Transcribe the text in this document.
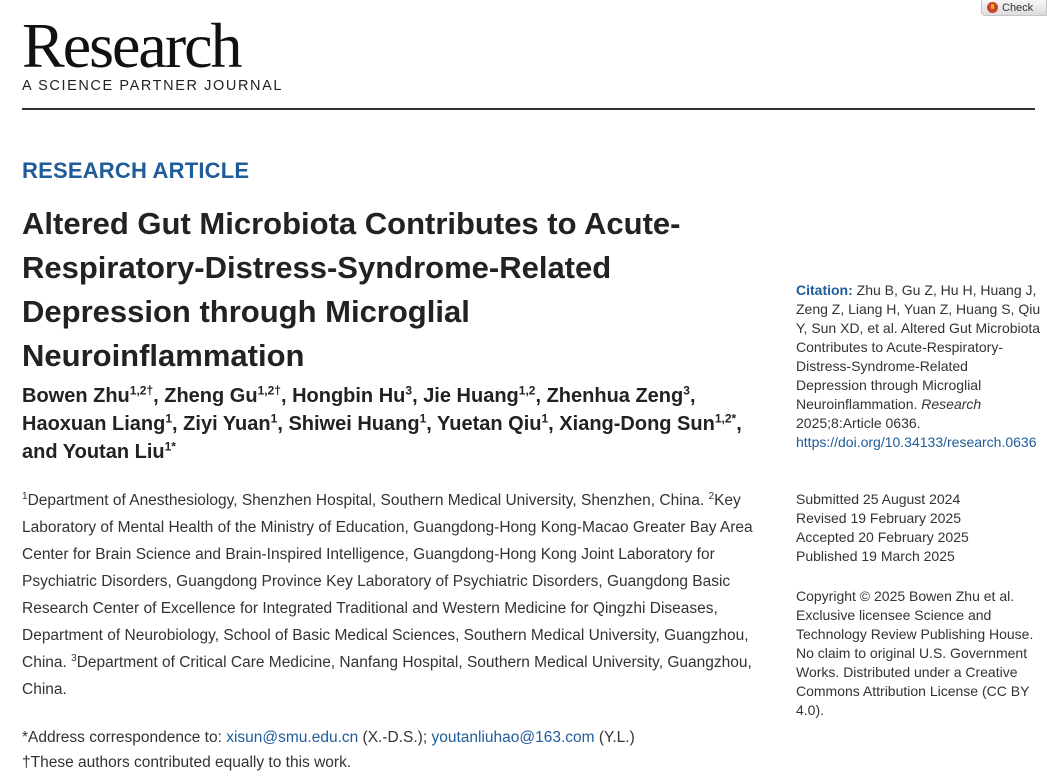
Check
Research
A SCIENCE PARTNER JOURNAL
RESEARCH ARTICLE
Altered Gut Microbiota Contributes to Acute-Respiratory-Distress-Syndrome-Related Depression through Microglial Neuroinflammation
Bowen Zhu$^{1,2\dagger}$, Zheng $Gu^{1,2\dagger}$, Hongbin Hu$^3$, Jie Huang$^{1,2}$, Zhenhua Zeng$^3$, Haoxuan Liang$^1$, Ziyi Yuan$^1$, Shiwei Huang$^1$, Yuetan Qiu$^1$, Xiang-Dong Sun$^{1,2*}$, and Youtan Liu$^{1*}$
$^1$Department of Anesthesiology, Shenzhen Hospital, Southern Medical University, Shenzhen, China. $^2$Key Laboratory of Mental Health of the Ministry of Education, Guangdong-Hong Kong-Macao Greater Bay Area Center for Brain Science and Brain-Inspired Intelligence, Guangdong-Hong Kong Joint Laboratory for Psychiatric Disorders, Guangdong Province Key Laboratory of Psychiatric Disorders, Guangdong Basic Research Center of Excellence for Integrated Traditional and Western Medicine for Qingzhi Diseases, Department of Neurobiology, School of Basic Medical Sciences, Southern Medical University, Guangzhou, China. $^3$Department of Critical Care Medicine, Nanfang Hospital, Southern Medical University, Guangzhou, China.
*Address correspondence to: xisun@smu.edu.cn (X.-D.S.); youtanliuhao@163.com (Y.L.)
†These authors contributed equally to this work.
Citation: Zhu B, Gu Z, Hu H, Huang J, Zeng Z, Liang H, Yuan Z, Huang S, Qiu Y, Sun XD, et al. Altered Gut Microbiota Contributes to Acute-Respiratory-Distress-Syndrome-Related Depression through Microglial Neuroinflammation. Research 2025;8:Article 0636.
https://doi.org/10.34133/research.0636
Submitted 25 August 2024
Revised 19 February 2025
Accepted 20 February 2025
Published 19 March 2025
Copyright © 2025 Bowen Zhu et al. Exclusive licensee Science and Technology Review Publishing House. No claim to original U.S. Government Works. Distributed under a Creative Commons Attribution License (CC BY 4.0).
